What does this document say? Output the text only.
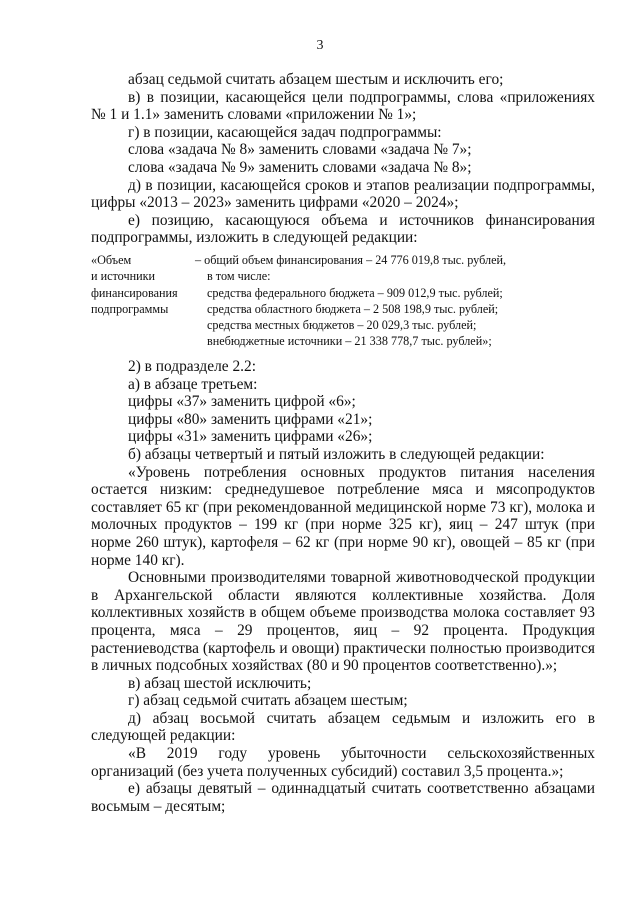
3

абзац седьмой считать абзацем шестым и исключить его;

в) в позиции, касающейся цели подпрограммы, слова «приложениях № 1 и 1.1» заменить словами «приложении № 1»;

г) в позиции, касающейся задач подпрограммы:

слова «задача № 8» заменить словами «задача № 7»;

слова «задача № 9» заменить словами «задача № 8»;

д) в позиции, касающейся сроков и этапов реализации подпрограммы, цифры «2013 – 2023» заменить цифрами «2020 – 2024»;

е) позицию, касающуюся объема и источников финансирования подпрограммы, изложить в следующей редакции:

«Объем
и источники
финансирования
подпрограммы
– общий объем финансирования – 24 776 019,8 тыс. рублей,
в том числе:
средства федерального бюджета – 909 012,9 тыс. рублей;
средства областного бюджета – 2 508 198,9 тыс. рублей;
средства местных бюджетов – 20 029,3 тыс. рублей;
внебюджетные источники – 21 338 778,7 тыс. рублей»;

2) в подразделе 2.2:

а) в абзаце третьем:

цифры «37» заменить цифрой «6»;

цифры «80» заменить цифрами «21»;

цифры «31» заменить цифрами «26»;

б) абзацы четвертый и пятый изложить в следующей редакции:

«Уровень потребления основных продуктов питания населения остается низким: среднедушевое потребление мяса и мясопродуктов составляет 65 кг (при рекомендованной медицинской норме 73 кг), молока и молочных продуктов – 199 кг (при норме 325 кг), яиц – 247 штук (при норме 260 штук), картофеля – 62 кг (при норме 90 кг), овощей – 85 кг (при норме 140 кг).

Основными производителями товарной животноводческой продукции в Архангельской области являются коллективные хозяйства. Доля коллективных хозяйств в общем объеме производства молока составляет 93 процента, мяса – 29 процентов, яиц – 92 процента. Продукция растениеводства (картофель и овощи) практически полностью производится в личных подсобных хозяйствах (80 и 90 процентов соответственно).»;

в) абзац шестой исключить;

г) абзац седьмой считать абзацем шестым;

д) абзац восьмой считать абзацем седьмым и изложить его в следующей редакции:

«В 2019 году уровень убыточности сельскохозяйственных организаций (без учета полученных субсидий) составил 3,5 процента.»;

е) абзацы девятый – одиннадцатый считать соответственно абзацами восьмым – десятым;
